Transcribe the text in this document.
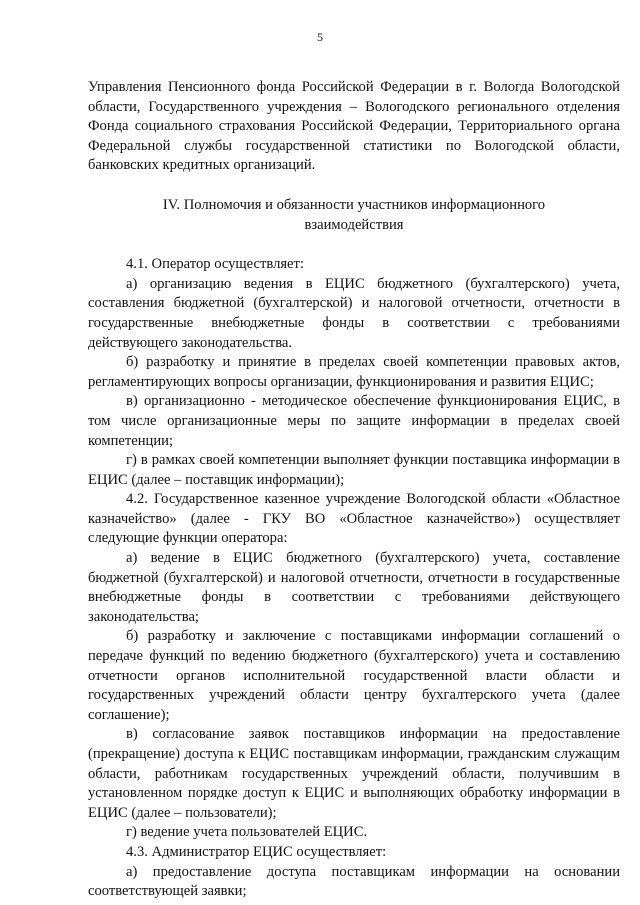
5

Управления Пенсионного фонда Российской Федерации в г. Вологда Вологодской области, Государственного учреждения – Вологодского регионального отделения Фонда социального страхования Российской Федерации, Территориального органа Федеральной службы государственной статистики по Вологодской области, банковских кредитных организаций.

IV. Полномочия и обязанности участников информационного взаимодействия

4.1. Оператор осуществляет:

а) организацию ведения в ЕЦИС бюджетного (бухгалтерского) учета, составления бюджетной (бухгалтерской) и налоговой отчетности, отчетности в государственные внебюджетные фонды в соответствии с требованиями действующего законодательства.

б) разработку и принятие в пределах своей компетенции правовых актов, регламентирующих вопросы организации, функционирования и развития ЕЦИС;

в) организационно - методическое обеспечение функционирования ЕЦИС, в том числе организационные меры по защите информации в пределах своей компетенции;

г) в рамках своей компетенции выполняет функции поставщика информации в ЕЦИС (далее – поставщик информации);

4.2. Государственное казенное учреждение Вологодской области «Областное казначейство» (далее - ГКУ ВО «Областное казначейство») осуществляет следующие функции оператора:

а) ведение в ЕЦИС бюджетного (бухгалтерского) учета, составление бюджетной (бухгалтерской) и налоговой отчетности, отчетности в государственные внебюджетные фонды в соответствии с требованиями действующего законодательства;

б) разработку и заключение с поставщиками информации соглашений о передаче функций по ведению бюджетного (бухгалтерского) учета и составлению отчетности органов исполнительной государственной власти области и государственных учреждений области центру бухгалтерского учета (далее соглашение);

в) согласование заявок поставщиков информации на предоставление (прекращение) доступа к ЕЦИС поставщикам информации, гражданским служащим области, работникам государственных учреждений области, получившим в установленном порядке доступ к ЕЦИС и выполняющих обработку информации в ЕЦИС (далее – пользователи);

г) ведение учета пользователей ЕЦИС.

4.3. Администратор ЕЦИС осуществляет:

а) предоставление доступа поставщикам информации на основании соответствующей заявки;
